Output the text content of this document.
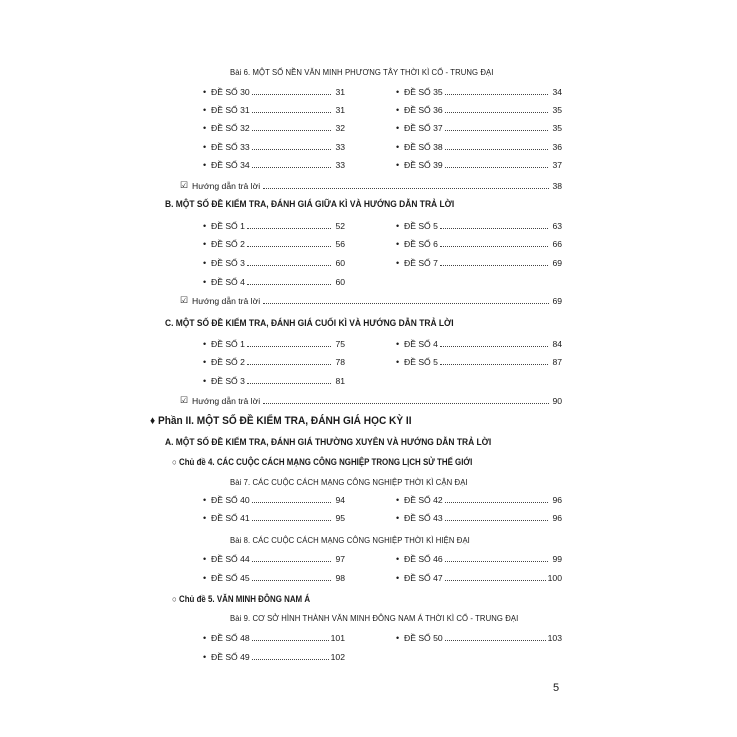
Bài 6. MỘT SỐ NỀN VĂN MINH PHƯƠNG TÂY THỜI KÌ CỔ - TRUNG ĐẠI
• ĐỀ SỐ 30	31
• ĐỀ SỐ 31	31
• ĐỀ SỐ 32	32
• ĐỀ SỐ 33	33
• ĐỀ SỐ 34	33
• ĐỀ SỐ 35	34
• ĐỀ SỐ 36	35
• ĐỀ SỐ 37	35
• ĐỀ SỐ 38	36
• ĐỀ SỐ 39	37
☑ Hướng dẫn trả lời	38
B. MỘT SỐ ĐỀ KIỂM TRA, ĐÁNH GIÁ GIỮA KÌ VÀ HƯỚNG DẪN TRẢ LỜI
• ĐỀ SỐ 1	52
• ĐỀ SỐ 2	56
• ĐỀ SỐ 3	60
• ĐỀ SỐ 4	60
• ĐỀ SỐ 5	63
• ĐỀ SỐ 6	66
• ĐỀ SỐ 7	69
☑ Hướng dẫn trả lời	69
C. MỘT SỐ ĐỀ KIỂM TRA, ĐÁNH GIÁ CUỐI KÌ VÀ HƯỚNG DẪN TRẢ LỜI
• ĐỀ SỐ 1	75
• ĐỀ SỐ 2	78
• ĐỀ SỐ 3	81
• ĐỀ SỐ 4	84
• ĐỀ SỐ 5	87
☑ Hướng dẫn trả lời	90
♦ Phần II. MỘT SỐ ĐỀ KIỂM TRA, ĐÁNH GIÁ HỌC KỲ II
A. MỘT SỐ ĐỀ KIỂM TRA, ĐÁNH GIÁ THƯỜNG XUYÊN VÀ HƯỚNG DẪN TRẢ LỜI
○ Chủ đề 4. CÁC CUỘC CÁCH MẠNG CÔNG NGHIỆP TRONG LỊCH SỬ THẾ GIỚI
Bài 7. CÁC CUỘC CÁCH MẠNG CÔNG NGHIỆP THỜI KÌ CẬN ĐẠI
• ĐỀ SỐ 40	94
• ĐỀ SỐ 41	95
• ĐỀ SỐ 42	96
• ĐỀ SỐ 43	96
Bài 8. CÁC CUỘC CÁCH MẠNG CÔNG NGHIỆP THỜI KÌ HIỆN ĐẠI
• ĐỀ SỐ 44	97
• ĐỀ SỐ 45	98
• ĐỀ SỐ 46	99
• ĐỀ SỐ 47	100
○ Chủ đề 5. VĂN MINH ĐÔNG NAM Á
Bài 9. CƠ SỞ HÌNH THÀNH VĂN MINH ĐÔNG NAM Á THỜI KÌ CỔ - TRUNG ĐẠI
• ĐỀ SỐ 48	101
• ĐỀ SỐ 49	102
• ĐỀ SỐ 50	103
5
